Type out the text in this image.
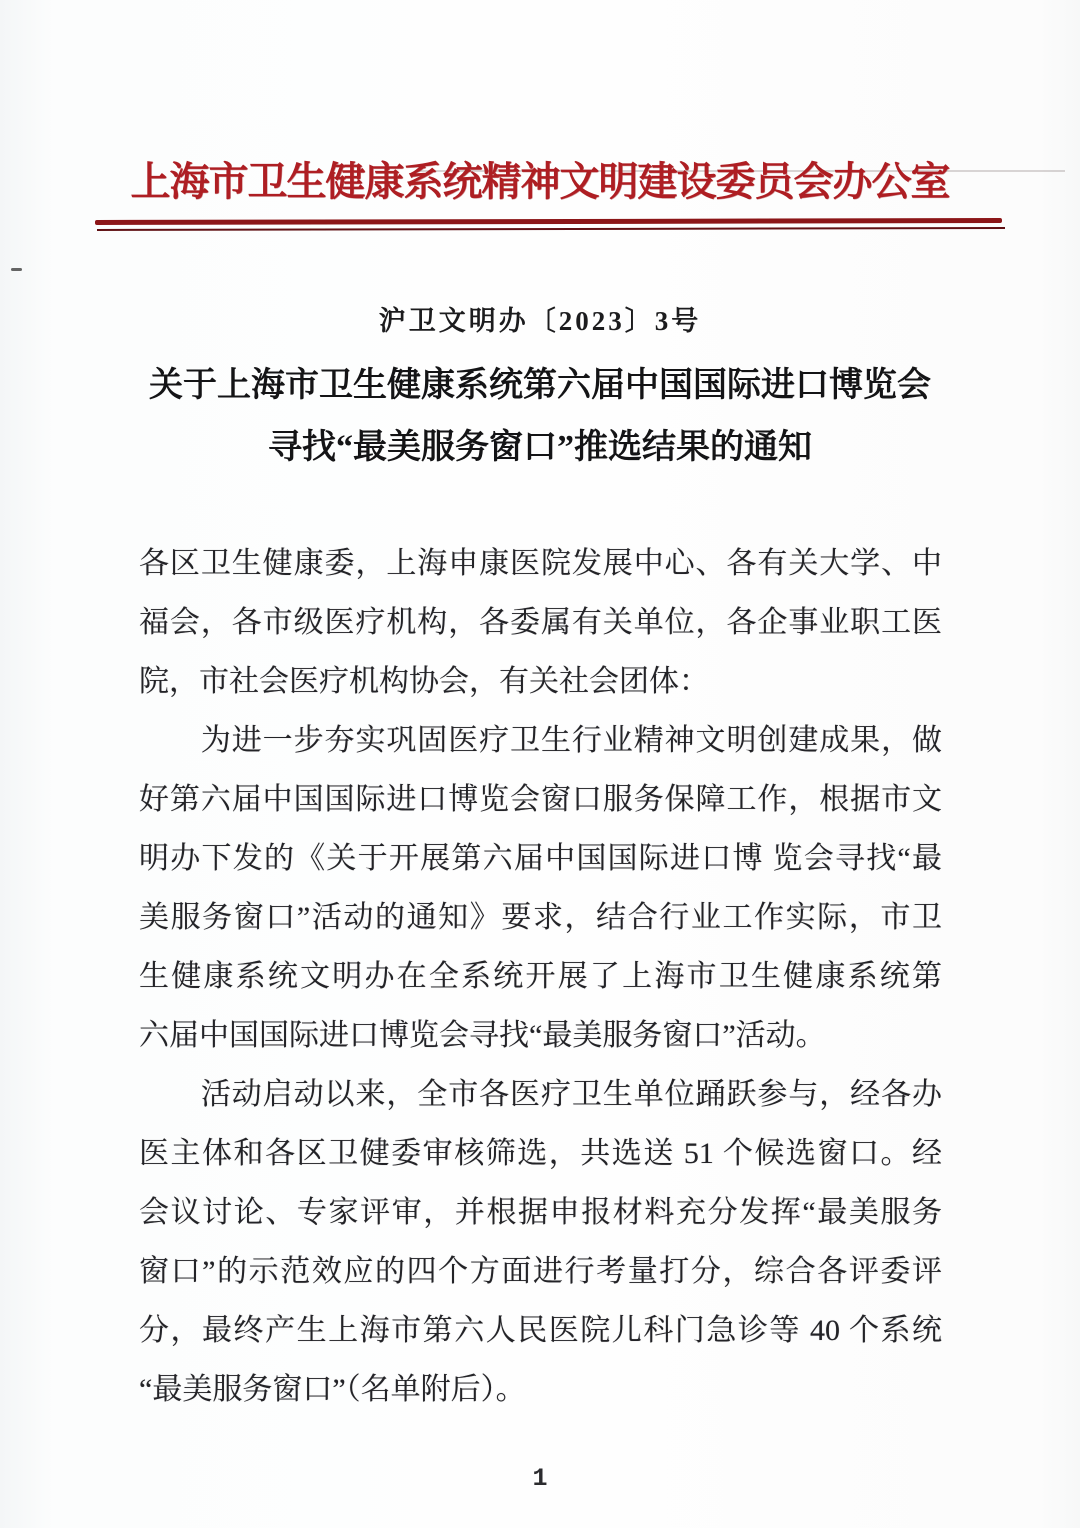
上海市卫生健康系统精神文明建设委员会办公室
沪卫文明办〔2023〕3号
关于上海市卫生健康系统第六届中国国际进口博览会
寻找“最美服务窗口”推选结果的通知
各区卫生健康委，上海申康医院发展中心、各有关大学、中
福会，各市级医疗机构，各委属有关单位，各企事业职工医
院，市社会医疗机构协会，有关社会团体：
　　为进一步夯实巩固医疗卫生行业精神文明创建成果，做
好第六届中国国际进口博览会窗口服务保障工作，根据市文
明办下发的《关于开展第六届中国国际进口博 览会寻找“最
美服务窗口”活动的通知》要求，结合行业工作实际，市卫
生健康系统文明办在全系统开展了上海市卫生健康系统第
六届中国国际进口博览会寻找“最美服务窗口”活动。
　　活动启动以来，全市各医疗卫生单位踊跃参与，经各办
医主体和各区卫健委审核筛选，共选送 51 个候选窗口。经
会议讨论、专家评审，并根据申报材料充分发挥“最美服务
窗口”的示范效应的四个方面进行考量打分，综合各评委评
分，最终产生上海市第六人民医院儿科门急诊等 40 个系统
“最美服务窗口”（名单附后）。
1
